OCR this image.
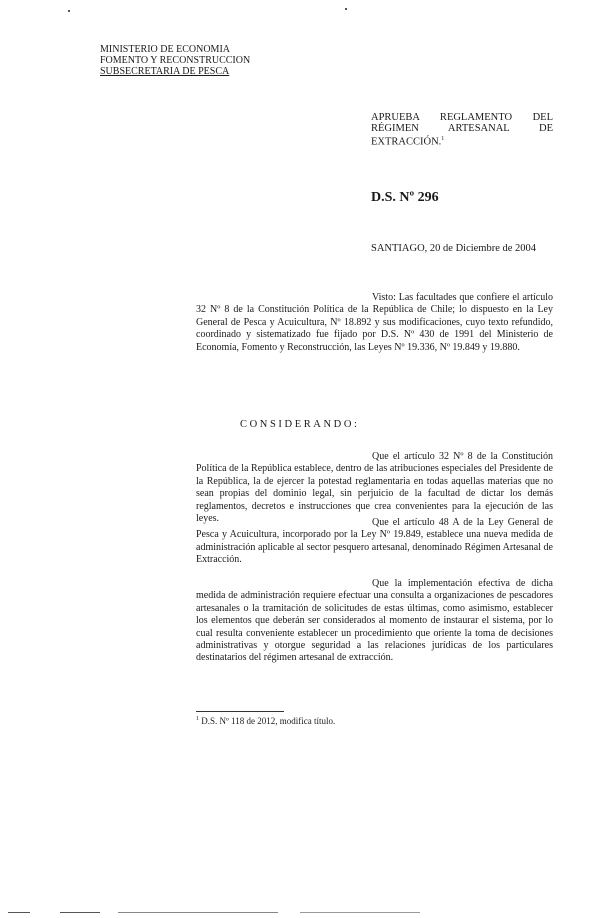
MINISTERIO DE ECONOMIA
FOMENTO Y RECONSTRUCCION
SUBSECRETARIA DE PESCA
APRUEBA REGLAMENTO DEL
RÉGIMEN ARTESANAL DE
EXTRACCIÓN.$^1$
D.S. Nº 296
SANTIAGO, 20 de Diciembre de 2004
Visto: Las facultades que confiere el artículo 32 Nº 8 de la Constitución Política de la República de Chile; lo dispuesto en la Ley General de Pesca y Acuicultura, Nº 18.892 y sus modificaciones, cuyo texto refundido, coordinado y sistematizado fue fijado por D.S. Nº 430 de 1991 del Ministerio de Economía, Fomento y Reconstrucción, las Leyes Nº 19.336, Nº 19.849 y 19.880.
CONSIDERANDO:
Que el artículo 32 Nº 8 de la Constitución Política de la República establece, dentro de las atribuciones especiales del Presidente de la República, la de ejercer la potestad reglamentaria en todas aquellas materias que no sean propias del dominio legal, sin perjuicio de la facultad de dictar los demás reglamentos, decretos e instrucciones que crea convenientes para la ejecución de las leyes.	Que el artículo 48 A de la Ley General de Pesca y Acuicultura, incorporado por la Ley Nº 19.849, establece una nueva medida de administración aplicable al sector pesquero artesanal, denominado Régimen Artesanal de Extracción.
Que la implementación efectiva de dicha medida de administración requiere efectuar una consulta a organizaciones de pescadores artesanales o la tramitación de solicitudes de estas últimas, como asimismo, establecer los elementos que deberán ser considerados al momento de instaurar el sistema, por lo cual resulta conveniente establecer un procedimiento que oriente la toma de decisiones administrativas y otorgue seguridad a las relaciones jurídicas de los particulares destinatarios del régimen artesanal de extracción.
$^1$ D.S. Nº 118 de 2012, modifica título.
